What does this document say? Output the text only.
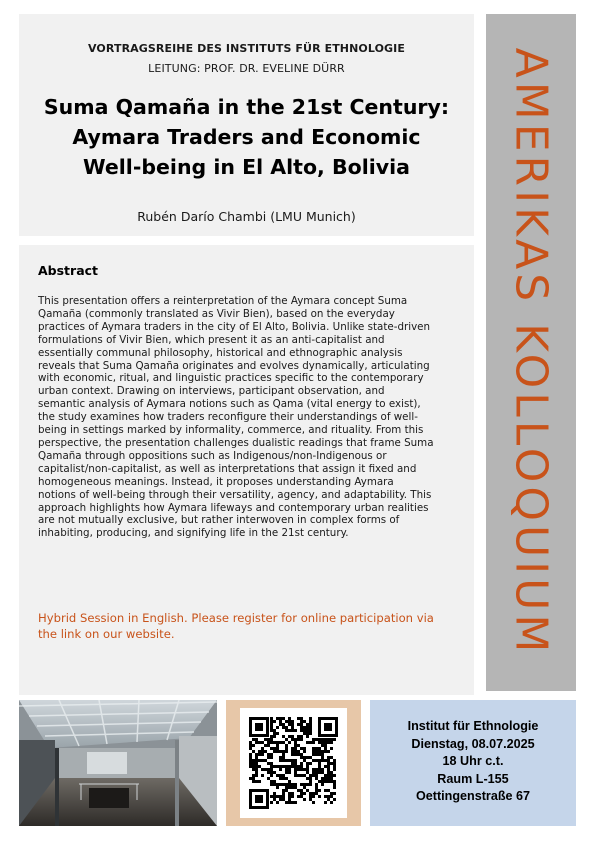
VORTRAGSREIHE DES INSTITUTS FÜR ETHNOLOGIE
LEITUNG: PROF. DR. EVELINE DÜRR
Suma Qamaña in the 21st Century:
Aymara Traders and Economic
Well-being in El Alto, Bolivia
Rubén Darío Chambi (LMU Munich)
Abstract

This presentation offers a reinterpretation of the Aymara concept Suma
Qamaña (commonly translated as Vivir Bien), based on the everyday
practices of Aymara traders in the city of El Alto, Bolivia. Unlike state-driven
formulations of Vivir Bien, which present it as an anti-capitalist and
essentially communal philosophy, historical and ethnographic analysis
reveals that Suma Qamaña originates and evolves dynamically, articulating
with economic, ritual, and linguistic practices specific to the contemporary
urban context. Drawing on interviews, participant observation, and
semantic analysis of Aymara notions such as Qama (vital energy to exist),
the study examines how traders reconfigure their understandings of well-
being in settings marked by informality, commerce, and rituality. From this
perspective, the presentation challenges dualistic readings that frame Suma
Qamaña through oppositions such as Indigenous/non-Indigenous or
capitalist/non-capitalist, as well as interpretations that assign it fixed and
homogeneous meanings. Instead, it proposes understanding Aymara
notions of well-being through their versatility, agency, and adaptability. This
approach highlights how Aymara lifeways and contemporary urban realities
are not mutually exclusive, but rather interwoven in complex forms of
inhabiting, producing, and signifying life in the 21st century.

Hybrid Session in English. Please register for online participation via
the link on our website.	AMERIKAS KOLLOQUIUM
Institut für Ethnologie
Dienstag, 08.07.2025
18 Uhr c.t.
Raum L-155
Oettingenstraße 67
